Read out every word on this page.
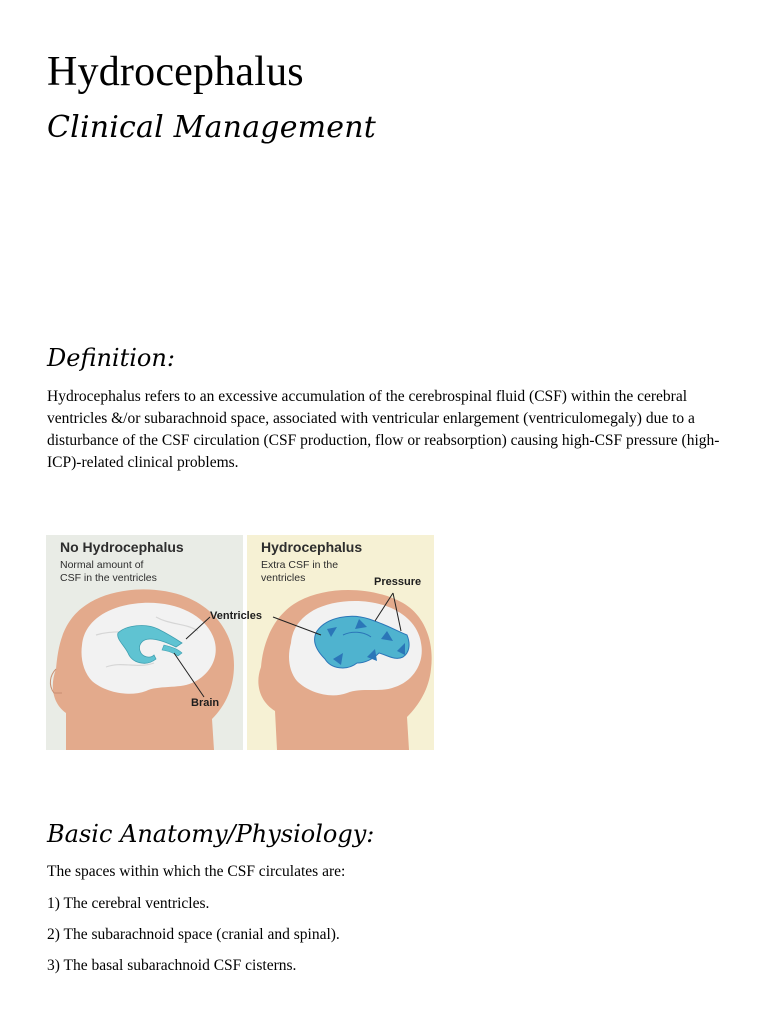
Hydrocephalus
Clinical Management
Definition:

Hydrocephalus refers to an excessive accumulation of the cerebrospinal fluid (CSF) within the cerebral ventricles &/or subarachnoid space, associated with ventricular enlargement (ventriculomegaly) due to a disturbance of the CSF circulation (CSF production, flow or reabsorption) causing high-CSF pressure (high-ICP)-related clinical problems.

No Hydrocephalus
Normal amount of
CSF in the ventricles
Hydrocephalus
Extra CSF in the
ventricles
Ventricles
Pressure
Brain
Basic Anatomy/Physiology:

The spaces within which the CSF circulates are:

1) The cerebral ventricles.

2) The subarachnoid space (cranial and spinal).

3) The basal subarachnoid CSF cisterns.
